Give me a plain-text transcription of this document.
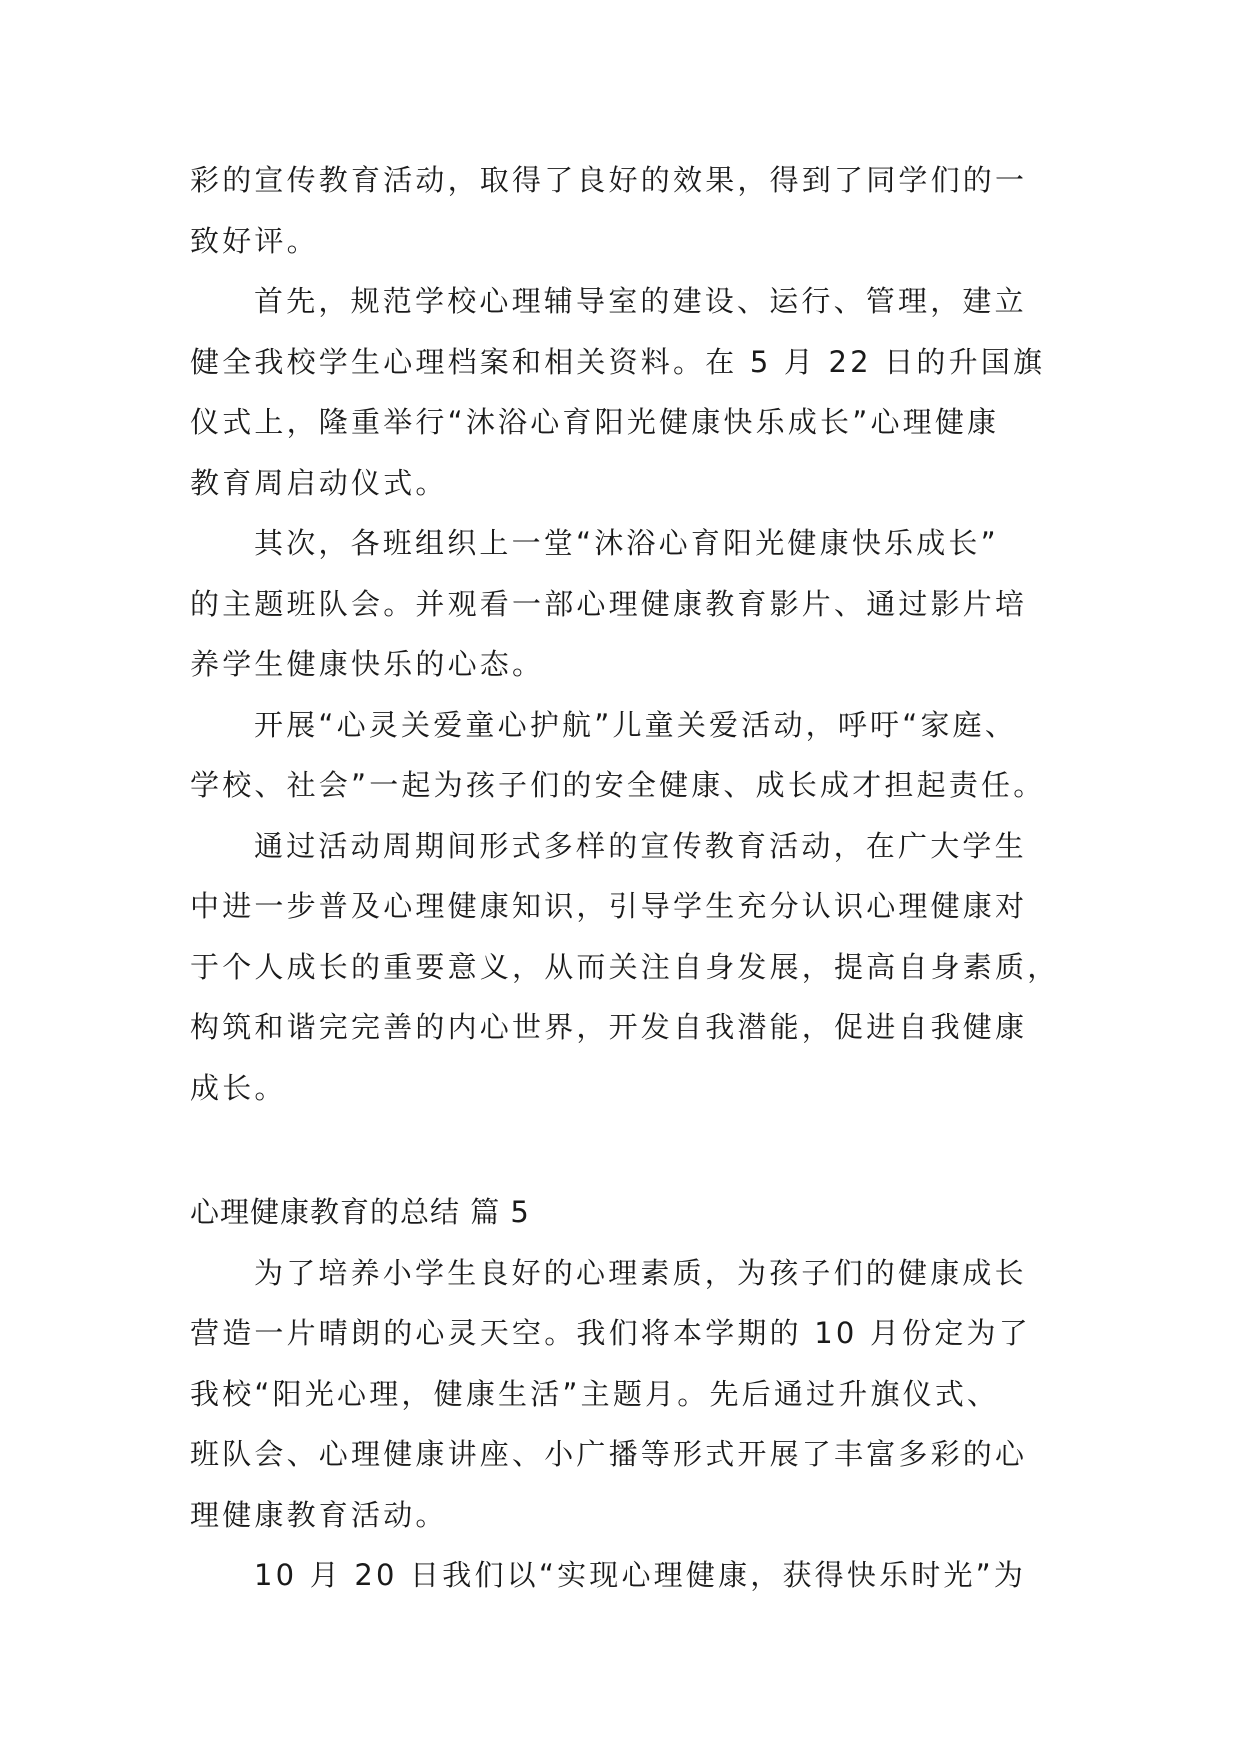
彩的宣传教育活动，取得了良好的效果，得到了同学们的一
致好评。
首先，规范学校心理辅导室的建设、运行、管理，建立
健全我校学生心理档案和相关资料。在 5 月 22 日的升国旗
仪式上，隆重举行“沐浴心育阳光健康快乐成长”心理健康
教育周启动仪式。
其次，各班组织上一堂“沐浴心育阳光健康快乐成长”
的主题班队会。并观看一部心理健康教育影片、通过影片培
养学生健康快乐的心态。
开展“心灵关爱童心护航”儿童关爱活动，呼吁“家庭、
学校、社会”一起为孩子们的安全健康、成长成才担起责任。
通过活动周期间形式多样的宣传教育活动，在广大学生
中进一步普及心理健康知识，引导学生充分认识心理健康对
于个人成长的重要意义，从而关注自身发展，提高自身素质，
构筑和谐完完善的内心世界，开发自我潜能，促进自我健康
成长。
心理健康教育的总结 篇 5
为了培养小学生良好的心理素质，为孩子们的健康成长
营造一片晴朗的心灵天空。我们将本学期的 10 月份定为了
我校“阳光心理，健康生活”主题月。先后通过升旗仪式、
班队会、心理健康讲座、小广播等形式开展了丰富多彩的心
理健康教育活动。
10 月 20 日我们以“实现心理健康，获得快乐时光”为
